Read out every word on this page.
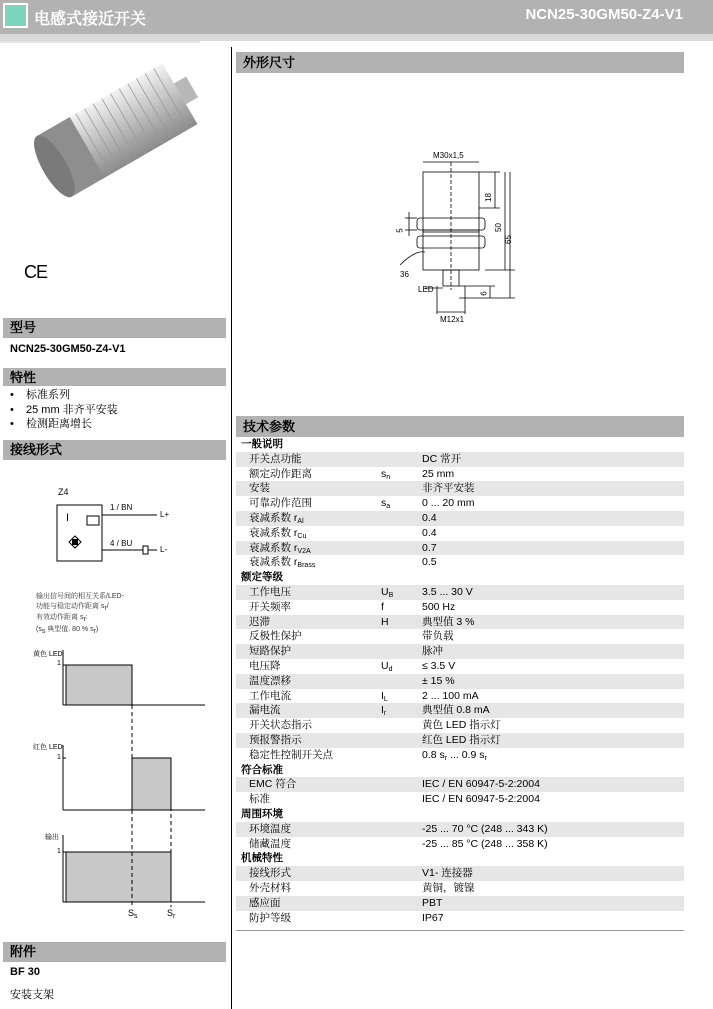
电感式接近开关	NCN25-30GM50-Z4-V1
CE
型号
NCN25-30GM50-Z4-V1
特性
• 标准系列
• 25 mm 非齐平安装
• 检测距离增长
接线形式
Z4
I
1 / BN
4 / BU
L+
L-
输出信号间的相互关系/LED-
功能与稳定动作距离 sr/
有效动作距离 sr:
(ss 典型值. 80 % sr)
黄色 LED
1
红色 LED
1
输出
1
$S_s$	$S_r$
附件
BF 30
安装支架
外形尺寸
M30x1,5
18
50
65
5
36
LED	6
M12x1
技术参数
一般说明
开关点功能	DC 常开
额定动作距离	$s_n$	25 mm
安装	非齐平安装
可靠动作范围	$s_a$	0 ... 20 mm
衰减系数 $r_{Al}$	0.4
衰减系数 $r_{Cu}$	0.4
衰减系数 $r_{V2A}$	0.7
衰减系数 $r_{Brass}$	0.5
额定等级
工作电压	$U_B$	3.5 ... 30 V
开关频率	f	500 Hz
迟滞	H	典型值 3 %
反极性保护	带负载
短路保护	脉冲
电压降	$U_d$	≤ 3.5 V
温度漂移	± 15 %
工作电流	$I_L$	2 ... 100 mA
漏电流	$I_r$	典型值 0.8 mA
开关状态指示	黄色 LED 指示灯
预报警指示	红色 LED 指示灯
稳定性控制开关点	0.8 $s_r$ ... 0.9 $s_r$
符合标准
EMC 符合	IEC / EN 60947-5-2:2004
标准	IEC / EN 60947-5-2:2004
周围环境
环境温度	-25 ... 70 °C (248 ... 343 K)
储藏温度	-25 ... 85 °C (248 ... 358 K)
机械特性
接线形式	V1- 连接器
外壳材料	黄铜，镀镍
感应面	PBT
防护等级	IP67
